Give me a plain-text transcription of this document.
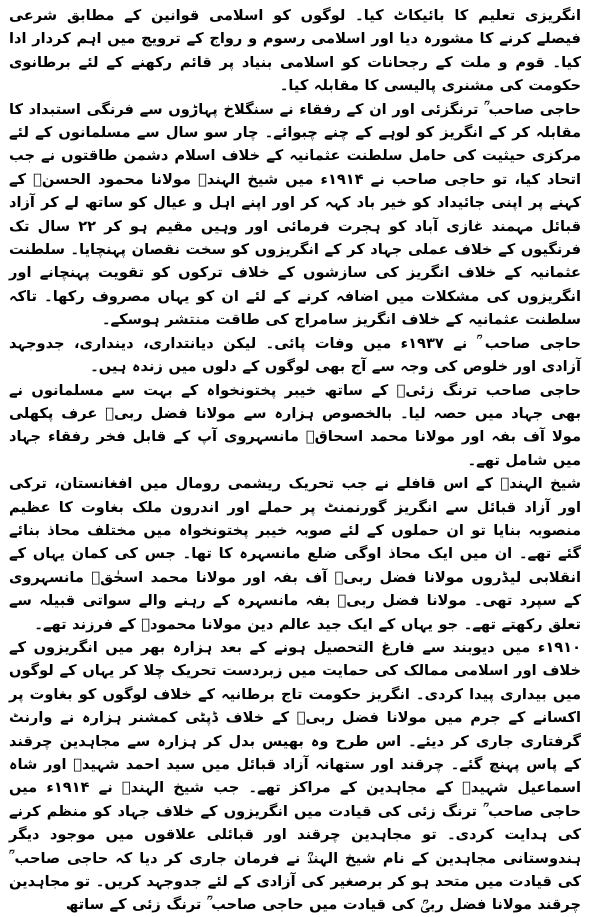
انگریزی تعلیم کا بائیکاٹ کیا۔ لوگوں کو اسلامی قوانین کے مطابق شرعی فیصلے کرنے کا مشورہ دیا اور اسلامی رسوم و رواج کے ترویج میں اہم کردار ادا کیا۔ قوم و ملت کے رجحانات کو اسلامی بنیاد پر قائم رکھنے کے لئے برطانوی حکومت کی مشنری پالیسی کا مقابلہ کیا۔

حاجی صاحب ؒ ترنگزئی اور ان کے رفقاء نے سنگلاخ پہاڑوں سے فرنگی استبداد کا مقابلہ کر کے انگریز کو لوہے کے چنے چبوائے۔ چار سو سال سے مسلمانوں کے لئے مرکزی حیثیت کی حامل سلطنت عثمانیہ کے خلاف اسلام دشمن طاقتوں نے جب اتحاد کیا، تو حاجی صاحب نے ۱۹۱۴ء میں شیخ الہندؒ مولانا محمود الحسنؒ کے کہنے پر اپنی جائیداد کو خیر باد کہہ کر اور اپنے اہل و عیال کو ساتھ لے کر آزاد قبائل مہمند غازی آباد کو ہجرت فرمائی اور وہیں مقیم ہو کر ۲۲ سال تک فرنگیوں کے خلاف عملی جہاد کر کے انگریزوں کو سخت نقصان پہنچایا۔ سلطنت عثمانیہ کے خلاف انگریز کی سازشوں کے خلاف ترکوں کو تقویت پہنچانے اور انگریزوں کی مشکلات میں اضافہ کرنے کے لئے ان کو یہاں مصروف رکھا۔ تاکہ سلطنت عثمانیہ کے خلاف انگریز سامراج کی طاقت منتشر ہوسکے۔

حاجی صاحب ؒ نے ۱۹۳۷ء میں وفات پائی۔ لیکن دیانتداری، دینداری، جدوجہد آزادی اور خلوص کی وجہ سے آج بھی لوگوں کے دلوں میں زندہ ہیں۔

حاجی صاحب ترنگ زئیؒ کے ساتھ خیبر پختونخواہ کے بہت سے مسلمانوں نے بھی جہاد میں حصہ لیا۔ بالخصوص ہزارہ سے مولانا فضل ربیؒ عرف پکھلی مولا آف بفہ اور مولانا محمد اسحاقؒ مانسہروی آپ کے قابل فخر رفقاء جہاد میں شامل تھے۔

شیخ الہندؒ کے اس قافلے نے جب تحریک ریشمی رومال میں افغانستان، ترکی اور آزاد قبائل سے انگریز گورنمنٹ پر حملے اور اندرون ملک بغاوت کا عظیم منصوبہ بنایا تو ان حملوں کے لئے صوبہ خیبر پختونخواہ میں مختلف محاذ بنائے گئے تھے۔ ان میں ایک محاذ اوگی ضلع مانسہرہ کا تھا۔ جس کی کمان یہاں کے انقلابی لیڈروں مولانا فضل ربیؒ آف بفہ اور مولانا محمد اسحٰقؒ مانسہروی کے سپرد تھی۔ مولانا فضل ربیؒ بفہ مانسہرہ کے رہنے والے سواتی قبیلہ سے تعلق رکھتے تھے۔ جو یہاں کے ایک جید عالم دین مولانا محمودؒ کے فرزند تھے۔

۱۹۱۰ء میں دیوبند سے فارغ التحصیل ہونے کے بعد ہزارہ بھر میں انگریزوں کے خلاف اور اسلامی ممالک کی حمایت میں زبردست تحریک چلا کر یہاں کے لوگوں میں بیداری پیدا کردی۔ انگریز حکومت تاج برطانیہ کے خلاف لوگوں کو بغاوت پر اکسانے کے جرم میں مولانا فضل ربیؒ کے خلاف ڈپٹی کمشنر ہزارہ نے وارنٹ گرفتاری جاری کر دیئے۔ اس طرح وہ بھیس بدل کر ہزارہ سے مجاہدین چرقند کے پاس پہنچ گئے۔ چرقند اور ستھانہ آزاد قبائل میں سید احمد شہیدؒ اور شاہ اسماعیل شہیدؒ کے مجاہدین کے مراکز تھے۔ جب شیخ الہندؒ نے ۱۹۱۴ء میں حاجی صاحب ؒ ترنگ زئی کی قیادت میں انگریزوں کے خلاف جہاد کو منظم کرنے کی ہدایت کردی۔ تو مجاہدین چرقند اور قبائلی علاقوں میں موجود دیگر ہندوستانی مجاہدین کے نام شیخ الہندؒ نے فرمان جاری کر دیا کہ حاجی صاحب ؒ کی قیادت میں متحد ہو کر برصغیر کی آزادی کے لئے جدوجہد کریں۔ تو مجاہدین چرقند مولانا فضل ربیؒ کی قیادت میں حاجی صاحب ؒ ترنگ زئی کے ساتھ
